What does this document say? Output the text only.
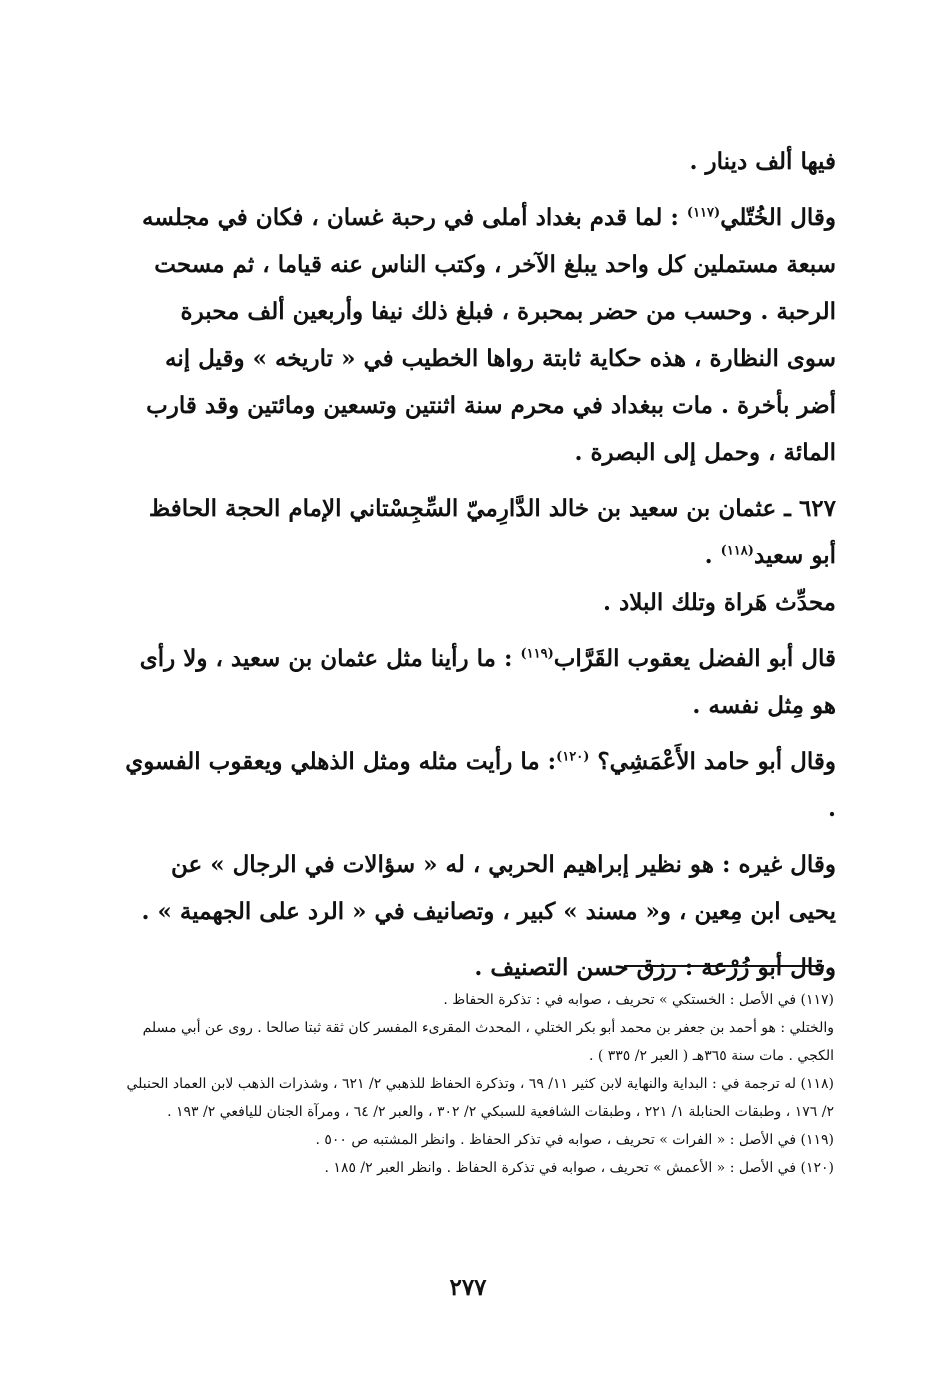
فيها ألف دينار .

وقال الخُتّلي$^{(١١٧)}$ : لما قدم بغداد أملى في رحبة غسان ، فكان في مجلسه سبعة مستملين كل واحد يبلغ الآخر ، وكتب الناس عنه قياما ، ثم مسحت الرحبة . وحسب من حضر بمحبرة ، فبلغ ذلك نيفا وأربعين ألف محبرة سوى النظارة ، هذه حكاية ثابتة رواها الخطيب في « تاريخه » وقيل إنه أضر بأخرة . مات ببغداد في محرم سنة اثنتين وتسعين ومائتين وقد قارب المائة ، وحمل إلى البصرة .

٦٢٧ ـ عثمان بن سعيد بن خالد الدَّارِميّ السِّجِسْتاني الإمام الحجة الحافظ أبو سعيد$^{(١١٨)}$ .

محدِّث هَراة وتلك البلاد .

قال أبو الفضل يعقوب القَرَّاب$^{(١١٩)}$ : ما رأينا مثل عثمان بن سعيد ، ولا رأى هو مِثل نفسه .

وقال أبو حامد الأَعْمَشِي؟ $^{(١٢٠)}$: ما رأيت مثله ومثل الذهلي ويعقوب الفسوي .

وقال غيره : هو نظير إبراهيم الحربي ، له « سؤالات في الرجال » عن يحيى ابن مِعين ، و« مسند » كبير ، وتصانيف في « الرد على الجهمية » .

وقال أبو زُرْعة : رزق حسن التصنيف .

(١١٧) في الأصل : الخستكي » تحريف ، صوابه في : تذكرة الحفاظ .

والختلي : هو أحمد بن جعفر بن محمد أبو بكر الختلي ، المحدث المقرىء المفسر كان ثقة ثبتا صالحا . روى عن أبي مسلم الكجي . مات سنة ٣٦٥هـ ( العبر ٢/ ٣٣٥ ) .

(١١٨) له ترجمة في : البداية والنهاية لابن كثير ١١/ ٦٩ ، وتذكرة الحفاظ للذهبي ٢/ ٦٢١ ، وشذرات الذهب لابن العماد الحنبلي ٢/ ١٧٦ ، وطبقات الحنابلة ١/ ٢٢١ ، وطبقات الشافعية للسبكي ٢/ ٣٠٢ ، والعبر ٢/ ٦٤ ، ومرآة الجنان لليافعي ٢/ ١٩٣ .

(١١٩) في الأصل : « الفرات » تحريف ، صوابه في تذكر الحفاظ . وانظر المشتبه ص ٥٠٠ .

(١٢٠) في الأصل : « الأعمش » تحريف ، صوابه في تذكرة الحفاظ . وانظر العبر ٢/ ١٨٥ .

٢٧٧
